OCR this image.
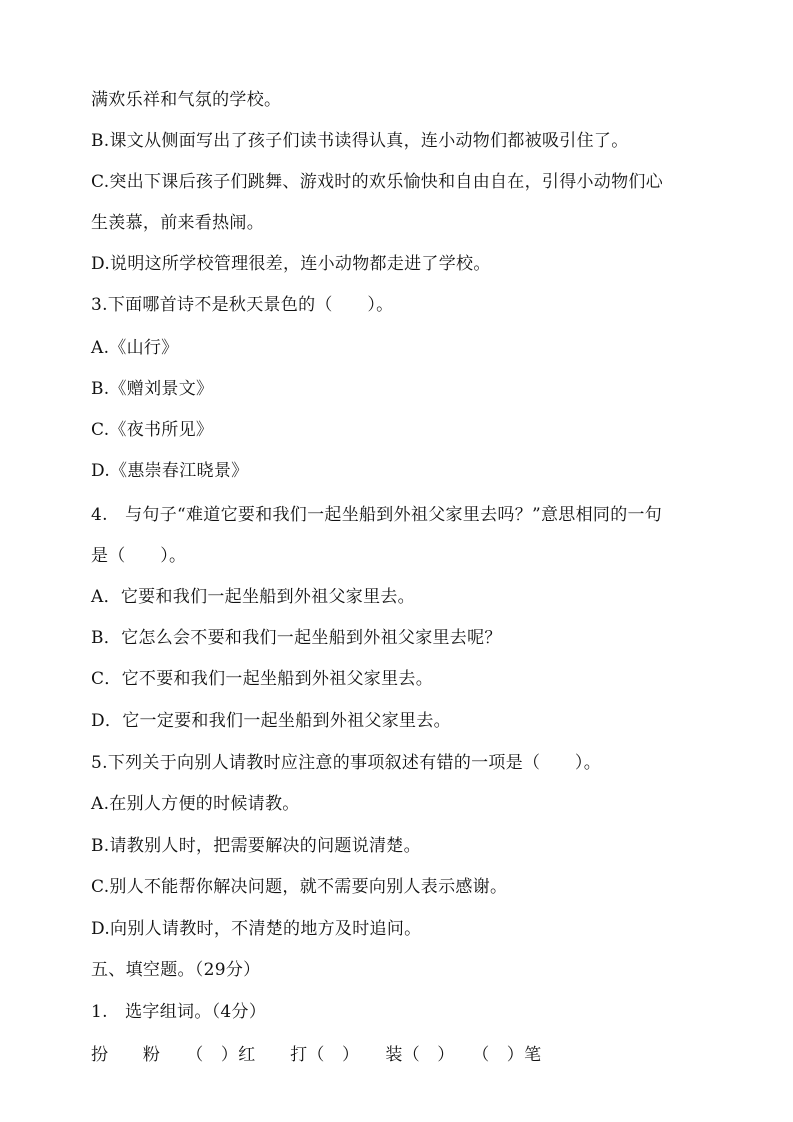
满欢乐祥和气氛的学校。
B.课文从侧面写出了孩子们读书读得认真，连小动物们都被吸引住了。
C.突出下课后孩子们跳舞、游戏时的欢乐愉快和自由自在，引得小动物们心
生羡慕，前来看热闹。
D.说明这所学校管理很差，连小动物都走进了学校。
3.下面哪首诗不是秋天景色的（　　）。
A.《山行》
B.《赠刘景文》
C.《夜书所见》
D.《惠崇春江晓景》
4.　与句子“难道它要和我们一起坐船到外祖父家里去吗？”意思相同的一句
是（　　）。
A．它要和我们一起坐船到外祖父家里去。
B．它怎么会不要和我们一起坐船到外祖父家里去呢？
C．它不要和我们一起坐船到外祖父家里去。
D．它一定要和我们一起坐船到外祖父家里去。
5.下列关于向别人请教时应注意的事项叙述有错的一项是（　　）。
A.在别人方便的时候请教。
B.请教别人时，把需要解决的问题说清楚。
C.别人不能帮你解决问题，就不需要向别人表示感谢。
D.向别人请教时，不清楚的地方及时追问。
五、填空题。（29分）
1.　选字组词。（4分）
扮　　粉　　（　）红　　打（　）　　装（　）　　（　）笔
